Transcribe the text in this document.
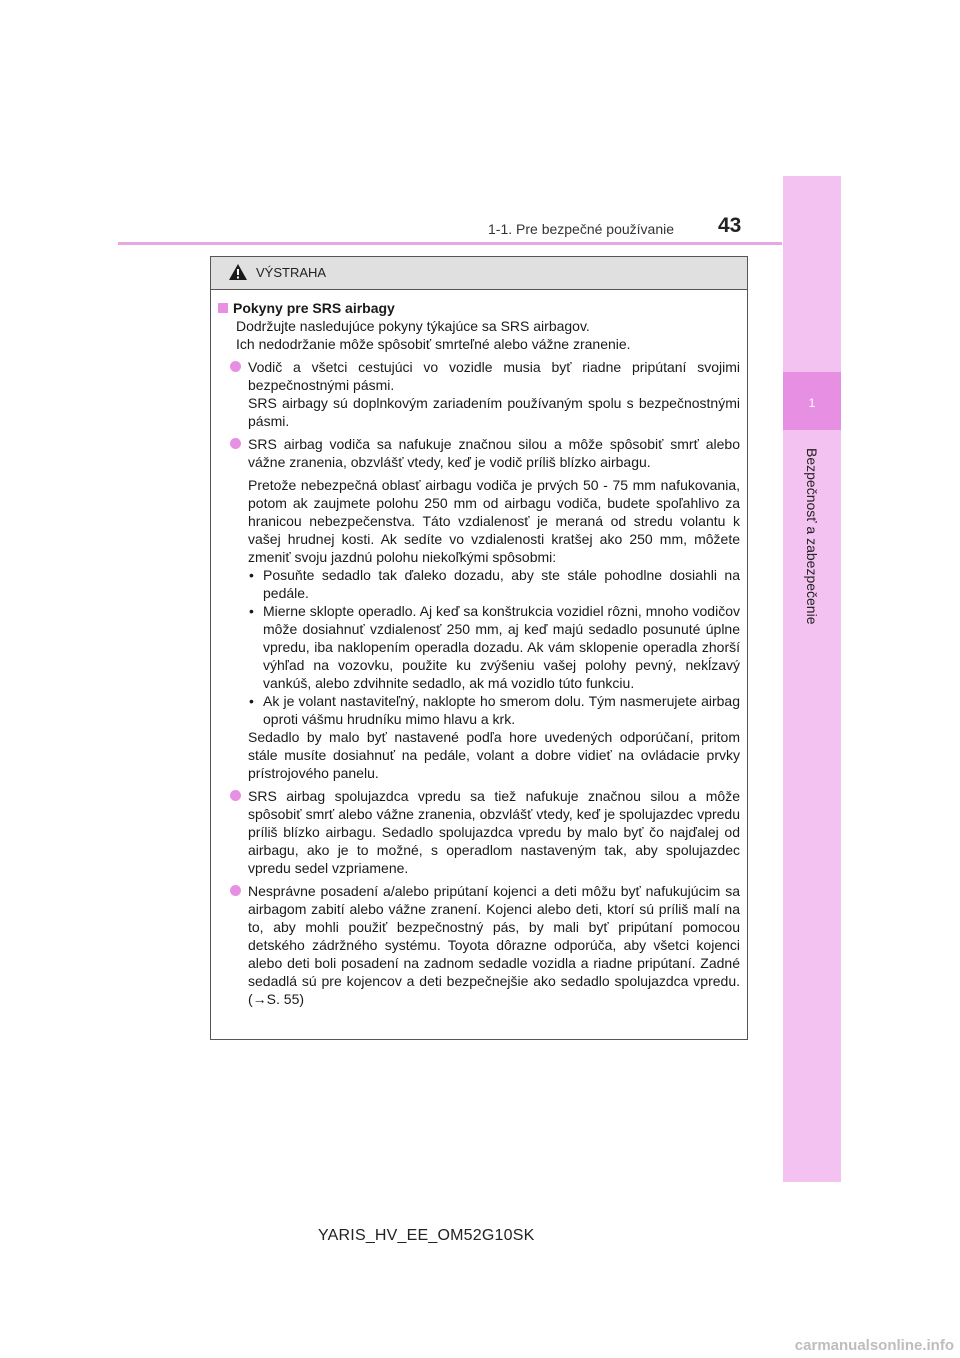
1-1. Pre bezpečné používanie 43
1
Bezpečnosť a zabezpečenie
VÝSTRAHA
Pokyny pre SRS airbagy
Dodržujte nasledujúce pokyny týkajúce sa SRS airbagov.
Ich nedodržanie môže spôsobiť smrteľné alebo vážne zranenie.
Vodič a všetci cestujúci vo vozidle musia byť riadne pripútaní svojimi bezpečnostnými pásmi.
SRS airbagy sú doplnkovým zariadením používaným spolu s bezpečnostnými pásmi.
SRS airbag vodiča sa nafukuje značnou silou a môže spôsobiť smrť alebo vážne zranenia, obzvlášť vtedy, keď je vodič príliš blízko airbagu.
Pretože nebezpečná oblasť airbagu vodiča je prvých 50 - 75 mm nafukovania, potom ak zaujmete polohu 250 mm od airbagu vodiča, budete spoľahlivo za hranicou nebezpečenstva. Táto vzdialenosť je meraná od stredu volantu k vašej hrudnej kosti. Ak sedíte vo vzdialenosti kratšej ako 250 mm, môžete zmeniť svoju jazdnú polohu niekoľkými spôsobmi:
• Posuňte sedadlo tak ďaleko dozadu, aby ste stále pohodlne dosiahli na pedále.
• Mierne sklopte operadlo. Aj keď sa konštrukcia vozidiel rôzni, mnoho vodičov môže dosiahnuť vzdialenosť 250 mm, aj keď majú sedadlo posunuté úplne vpredu, iba naklopením operadla dozadu. Ak vám sklopenie operadla zhorší výhľad na vozovku, použite ku zvýšeniu vašej polohy pevný, nekĺzavý vankúš, alebo zdvihnite sedadlo, ak má vozidlo túto funkciu.
• Ak je volant nastaviteľný, naklopte ho smerom dolu. Tým nasmerujete airbag oproti vášmu hrudníku mimo hlavu a krk.
Sedadlo by malo byť nastavené podľa hore uvedených odporúčaní, pritom stále musíte dosiahnuť na pedále, volant a dobre vidieť na ovládacie prvky prístrojového panelu.
SRS airbag spolujazdca vpredu sa tiež nafukuje značnou silou a môže spôsobiť smrť alebo vážne zranenia, obzvlášť vtedy, keď je spolujazdec vpredu príliš blízko airbagu. Sedadlo spolujazdca vpredu by malo byť čo najďalej od airbagu, ako je to možné, s operadlom nastaveným tak, aby spolujazdec vpredu sedel vzpriamene.
Nesprávne posadení a/alebo pripútaní kojenci a deti môžu byť nafukujúcim sa airbagom zabití alebo vážne zranení. Kojenci alebo deti, ktorí sú príliš malí na to, aby mohli použiť bezpečnostný pás, by mali byť pripútaní pomocou detského zádržného systému. Toyota dôrazne odporúča, aby všetci kojenci alebo deti boli posadení na zadnom sedadle vozidla a riadne pripútaní. Zadné sedadlá sú pre kojencov a deti bezpečnejšie ako sedadlo spolujazdca vpredu. (→S. 55)
YARIS_HV_EE_OM52G10SK
carmanualsonline.info
